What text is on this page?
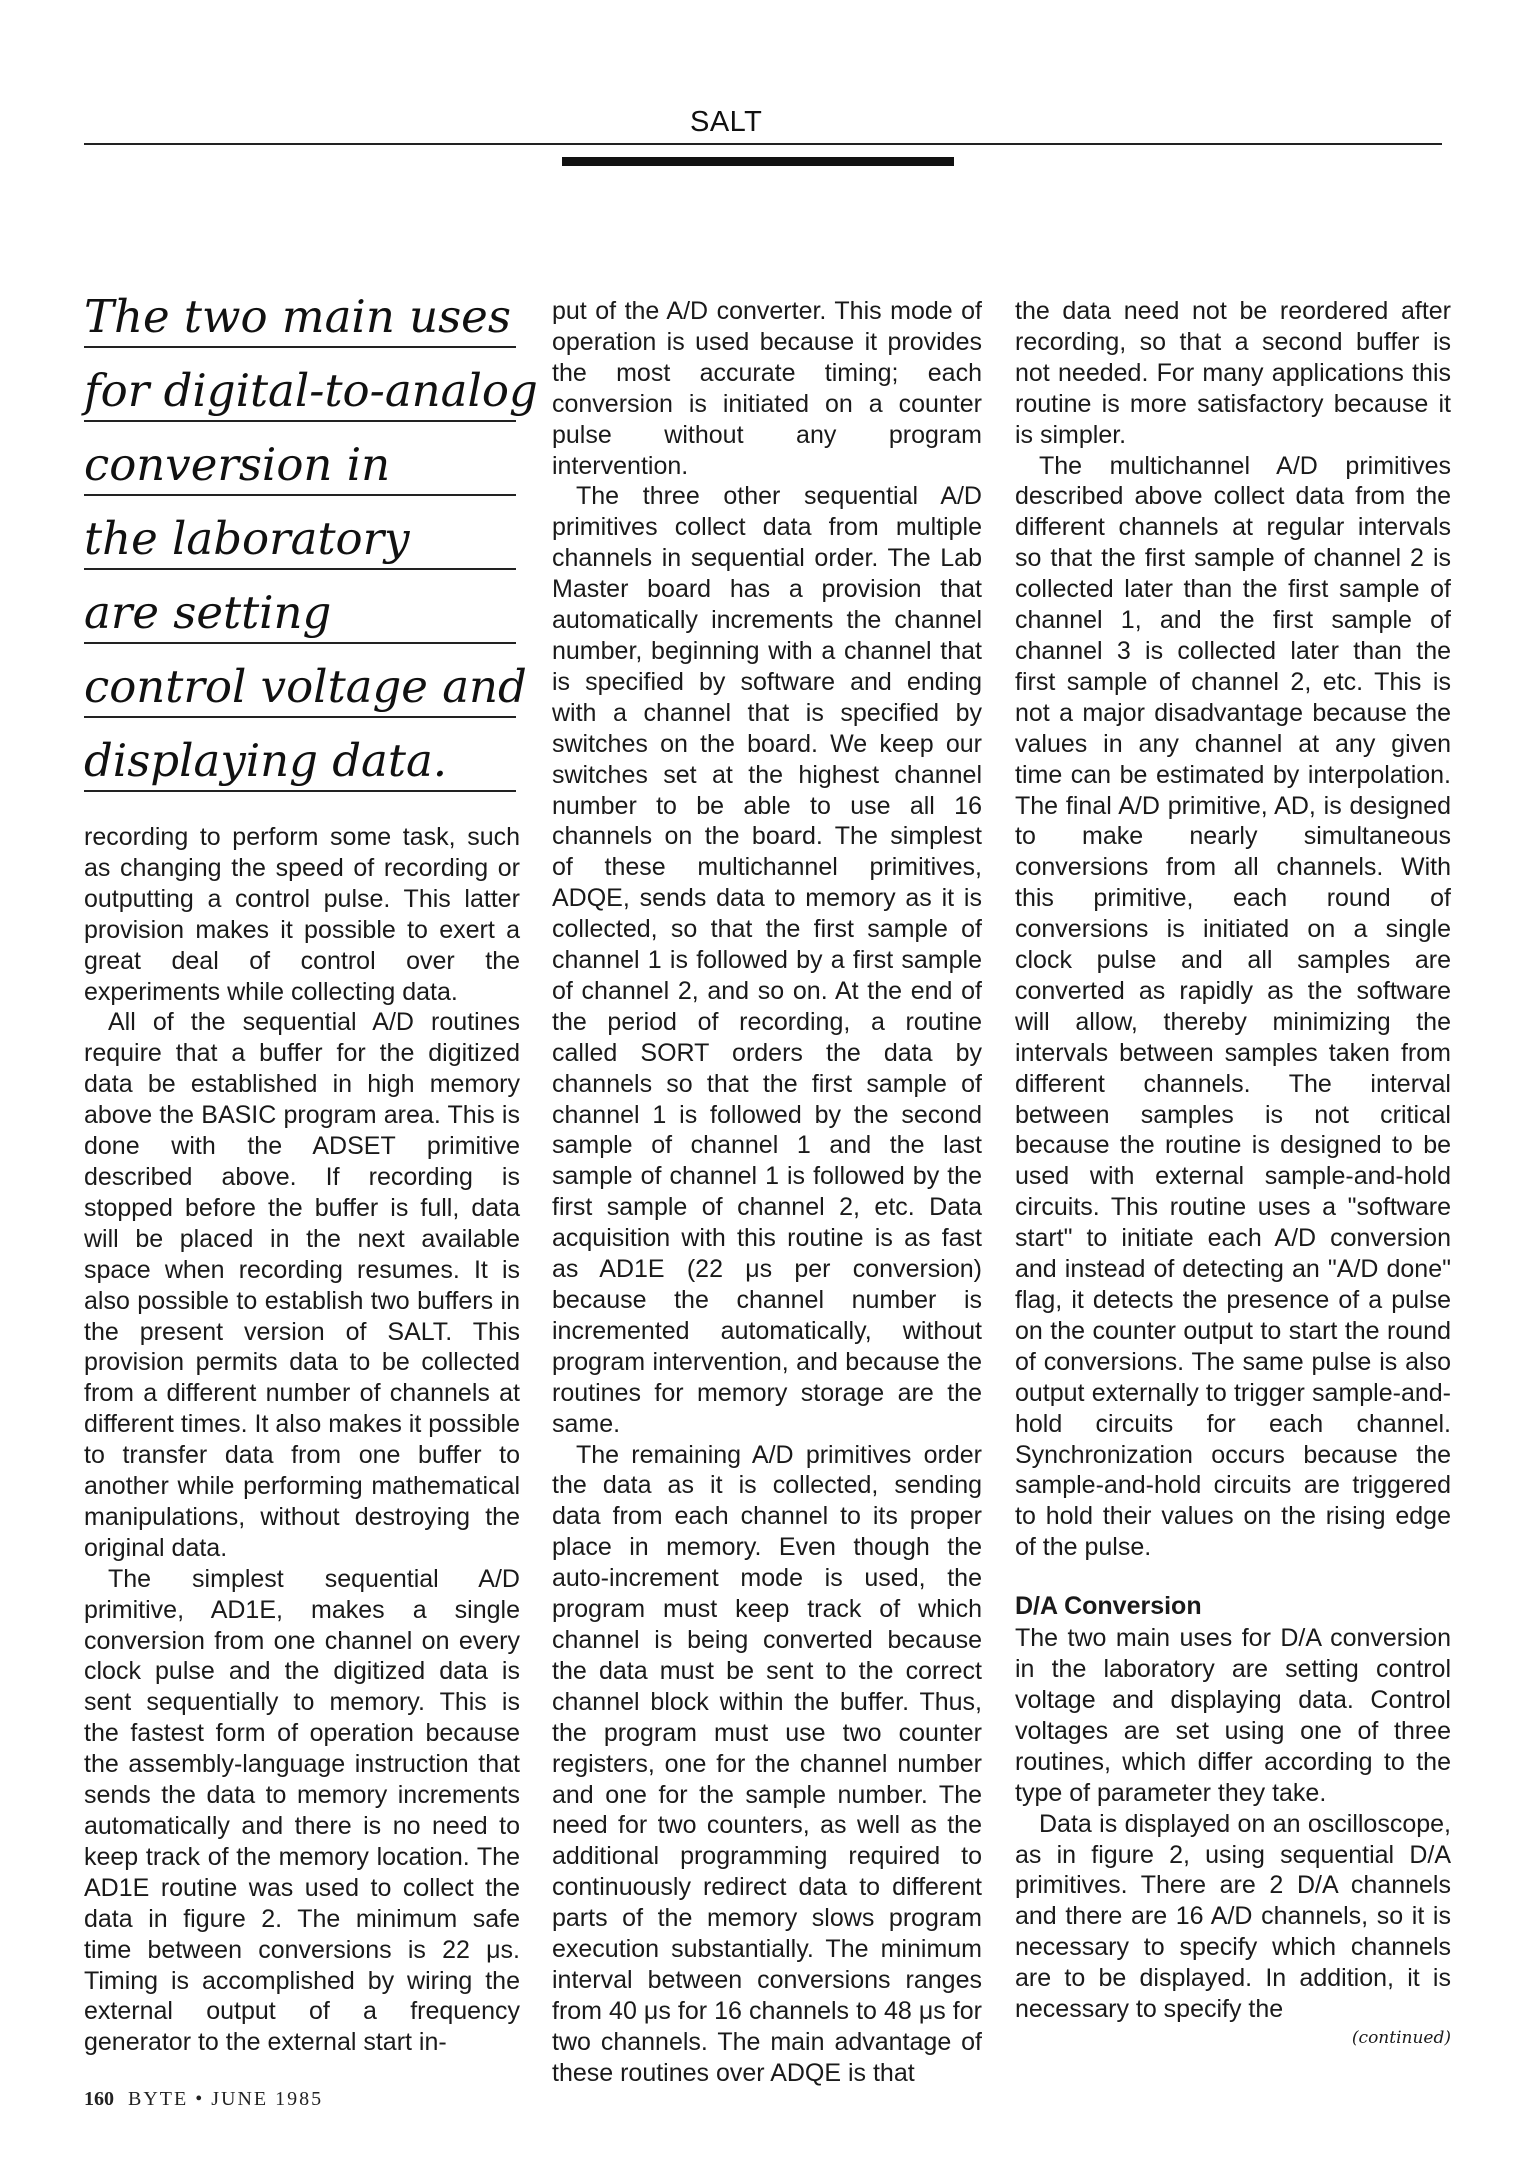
SALT
The two main uses
for digital-to-analog
conversion in
the laboratory
are setting
control voltage and
displaying data.

recording to perform some task, such as changing the speed of recording or outputting a control pulse. This latter provision makes it possible to exert a great deal of control over the experiments while collecting data.

All of the sequential A/D routines require that a buffer for the digitized data be established in high memory above the BASIC program area. This is done with the ADSET primitive described above. If recording is stopped before the buffer is full, data will be placed in the next available space when recording resumes. It is also possible to establish two buffers in the present version of SALT. This provision permits data to be collected from a different number of channels at different times. It also makes it possible to transfer data from one buffer to another while performing mathematical manipulations, without destroying the original data.

The simplest sequential A/D primitive, AD1E, makes a single conversion from one channel on every clock pulse and the digitized data is sent sequentially to memory. This is the fastest form of operation because the assembly-language instruction that sends the data to memory increments automatically and there is no need to keep track of the memory location. The AD1E routine was used to collect the data in figure 2. The minimum safe time between conversions is 22 μs. Timing is accomplished by wiring the external output of a frequency generator to the external start in-

put of the A/D converter. This mode of operation is used because it provides the most accurate timing; each conversion is initiated on a counter pulse without any program intervention.

The three other sequential A/D primitives collect data from multiple channels in sequential order. The Lab Master board has a provision that automatically increments the channel number, beginning with a channel that is specified by software and ending with a channel that is specified by switches on the board. We keep our switches set at the highest channel number to be able to use all 16 channels on the board. The simplest of these multichannel primitives, ADQE, sends data to memory as it is collected, so that the first sample of channel 1 is followed by a first sample of channel 2, and so on. At the end of the period of recording, a routine called SORT orders the data by channels so that the first sample of channel 1 is followed by the second sample of channel 1 and the last sample of channel 1 is followed by the first sample of channel 2, etc. Data acquisition with this routine is as fast as AD1E (22 μs per conversion) because the channel number is incremented automatically, without program intervention, and because the routines for memory storage are the same.

The remaining A/D primitives order the data as it is collected, sending data from each channel to its proper place in memory. Even though the auto-increment mode is used, the program must keep track of which channel is being converted because the data must be sent to the correct channel block within the buffer. Thus, the program must use two counter registers, one for the channel number and one for the sample number. The need for two counters, as well as the additional programming required to continuously redirect data to different parts of the memory slows program execution substantially. The minimum interval between conversions ranges from 40 μs for 16 channels to 48 μs for two channels. The main advantage of these routines over ADQE is that

the data need not be reordered after recording, so that a second buffer is not needed. For many applications this routine is more satisfactory because it is simpler.

The multichannel A/D primitives described above collect data from the different channels at regular intervals so that the first sample of channel 2 is collected later than the first sample of channel 1, and the first sample of channel 3 is collected later than the first sample of channel 2, etc. This is not a major disadvantage because the values in any channel at any given time can be estimated by interpolation. The final A/D primitive, AD, is designed to make nearly simultaneous conversions from all channels. With this primitive, each round of conversions is initiated on a single clock pulse and all samples are converted as rapidly as the software will allow, thereby minimizing the intervals between samples taken from different channels. The interval between samples is not critical because the routine is designed to be used with external sample-and-hold circuits. This routine uses a "software start" to initiate each A/D conversion and instead of detecting an "A/D done" flag, it detects the presence of a pulse on the counter output to start the round of conversions. The same pulse is also output externally to trigger sample-and-hold circuits for each channel. Synchronization occurs because the sample-and-hold circuits are triggered to hold their values on the rising edge of the pulse.

D/A Conversion

The two main uses for D/A conversion in the laboratory are setting control voltage and displaying data. Control voltages are set using one of three routines, which differ according to the type of parameter they take.

Data is displayed on an oscilloscope, as in figure 2, using sequential D/A primitives. There are 2 D/A channels and there are 16 A/D channels, so it is necessary to specify which channels are to be displayed. In addition, it is necessary to specify the

(continued)
160 BYTE • JUNE 1985
